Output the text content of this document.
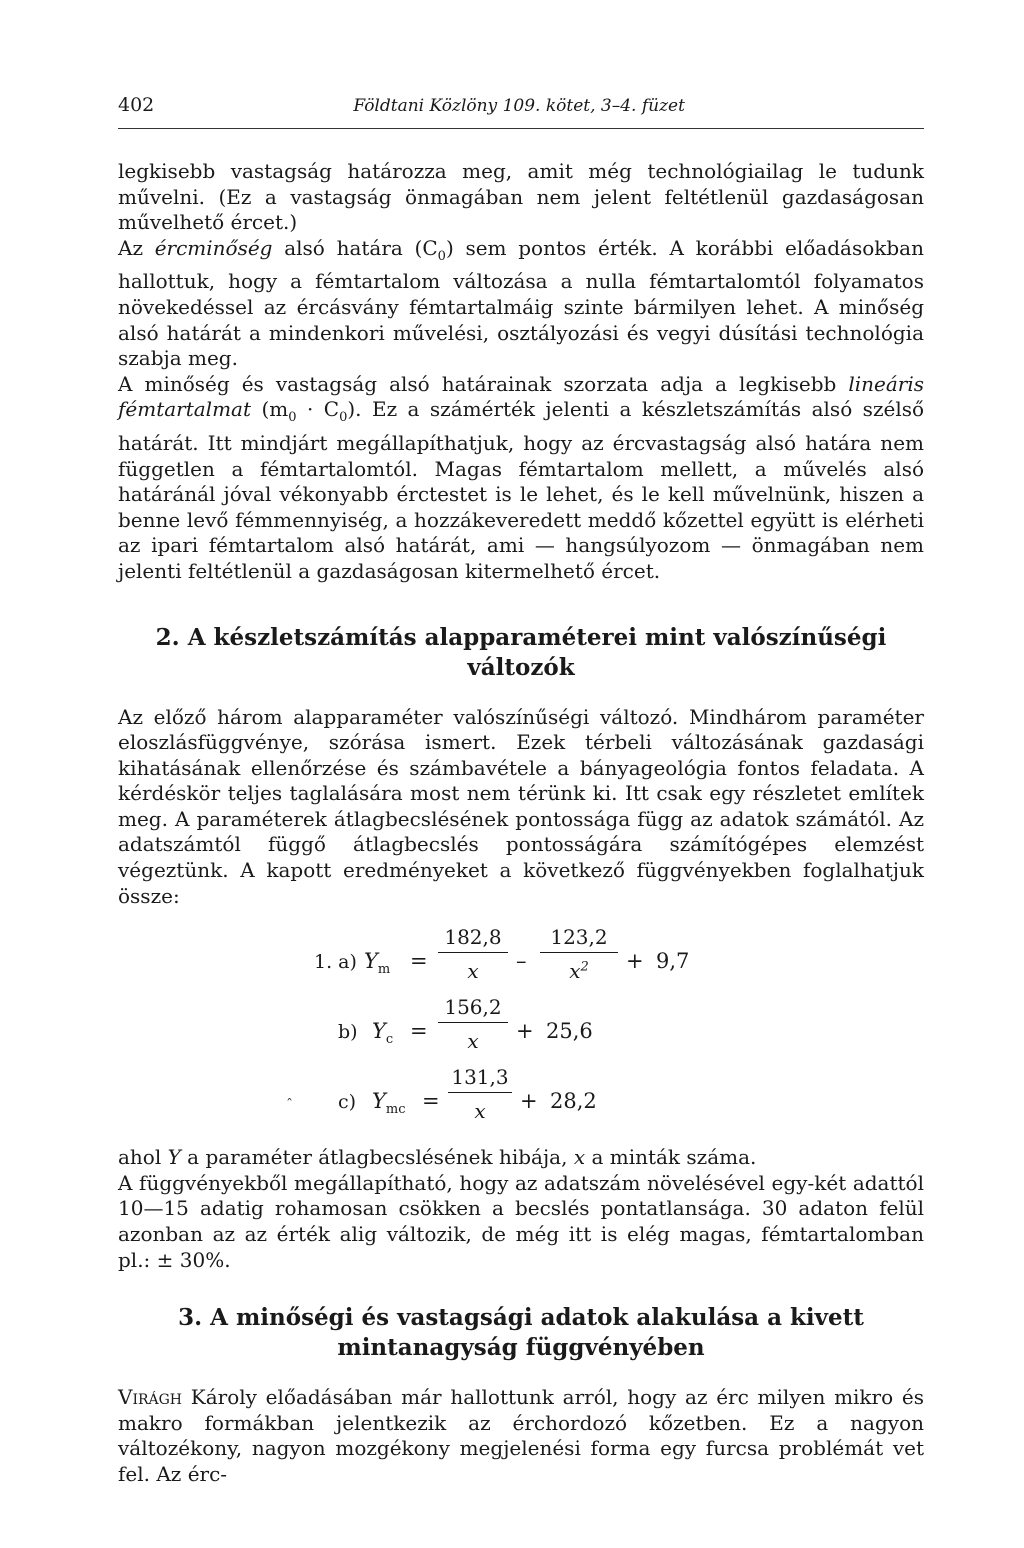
402	Földtani Közlöny 109. kötet, 3–4. füzet

legkisebb vastagság határozza meg, amit még technológiailag le tudunk művelni. (Ez a vastagság önmagában nem jelent feltétlenül gazdaságosan művelhető ércet.)

Az ércminőség alsó határa $(C_0)$ sem pontos érték. A korábbi előadásokban hallottuk, hogy a fémtartalom változása a nulla fémtartalomtól folyamatos növekedéssel az ércásvány fémtartalmáig szinte bármilyen lehet. A minőség alsó határát a mindenkori művelési, osztályozási és vegyi dúsítási technológia szabja meg.

A minőség és vastagság alsó határainak szorzata adja a legkisebb lineáris fémtartalmat $(m_0 \cdot C_0)$. Ez a számérték jelenti a készletszámítás alsó szélső határát. Itt mindjárt megállapíthatjuk, hogy az ércvastagság alsó határa nem független a fémtartalomtól. Magas fémtartalom mellett, a művelés alsó határánál jóval vékonyabb érctestet is le lehet, és le kell művelnünk, hiszen a benne levő fémmennyiség, a hozzákeveredett meddő kőzettel együtt is elérheti az ipari fémtartalom alsó határát, ami — hangsúlyozom — önmagában nem jelenti feltétlenül a gazdaságosan kitermelhető ércet.

2. A készletszámítás alapparaméterei mint valószínűségi változók

Az előző három alapparaméter valószínűségi változó. Mindhárom paraméter eloszlásfüggvénye, szórása ismert. Ezek térbeli változásának gazdasági kihatásának ellenőrzése és számbavétele a bányageológia fontos feladata. A kérdéskör teljes taglalására most nem térünk ki. Itt csak egy részletet említek meg. A paraméterek átlagbecslésének pontossága függ az adatok számától. Az adatszámtól függő átlagbecslés pontosságára számítógépes elemzést végeztünk. A kapott eredményeket a következő függvényekben foglalhatjuk össze:

1. a) $Y_m = \frac{182,8}{x} - \frac{123,2}{x^2} + 9,7$
b) $Y_c = \frac{156,2}{x} + 25,6$
ˆ c) $Y_{mc} = \frac{131,3}{x} + 28,2$

ahol Y a paraméter átlagbecslésének hibája, x a minták száma.

A függvényekből megállapítható, hogy az adatszám növelésével egy-két adattól 10—15 adatig rohamosan csökken a becslés pontatlansága. 30 adaton felül azonban az az érték alig változik, de még itt is elég magas, fémtartalomban pl.: ± 30%.

3. A minőségi és vastagsági adatok alakulása a kivett mintanagyság függvényében

Virágh Károly előadásában már hallottunk arról, hogy az érc milyen mikro és makro formákban jelentkezik az érchordozó kőzetben. Ez a nagyon változékony, nagyon mozgékony megjelenési forma egy furcsa problémát vet fel. Az érc-
